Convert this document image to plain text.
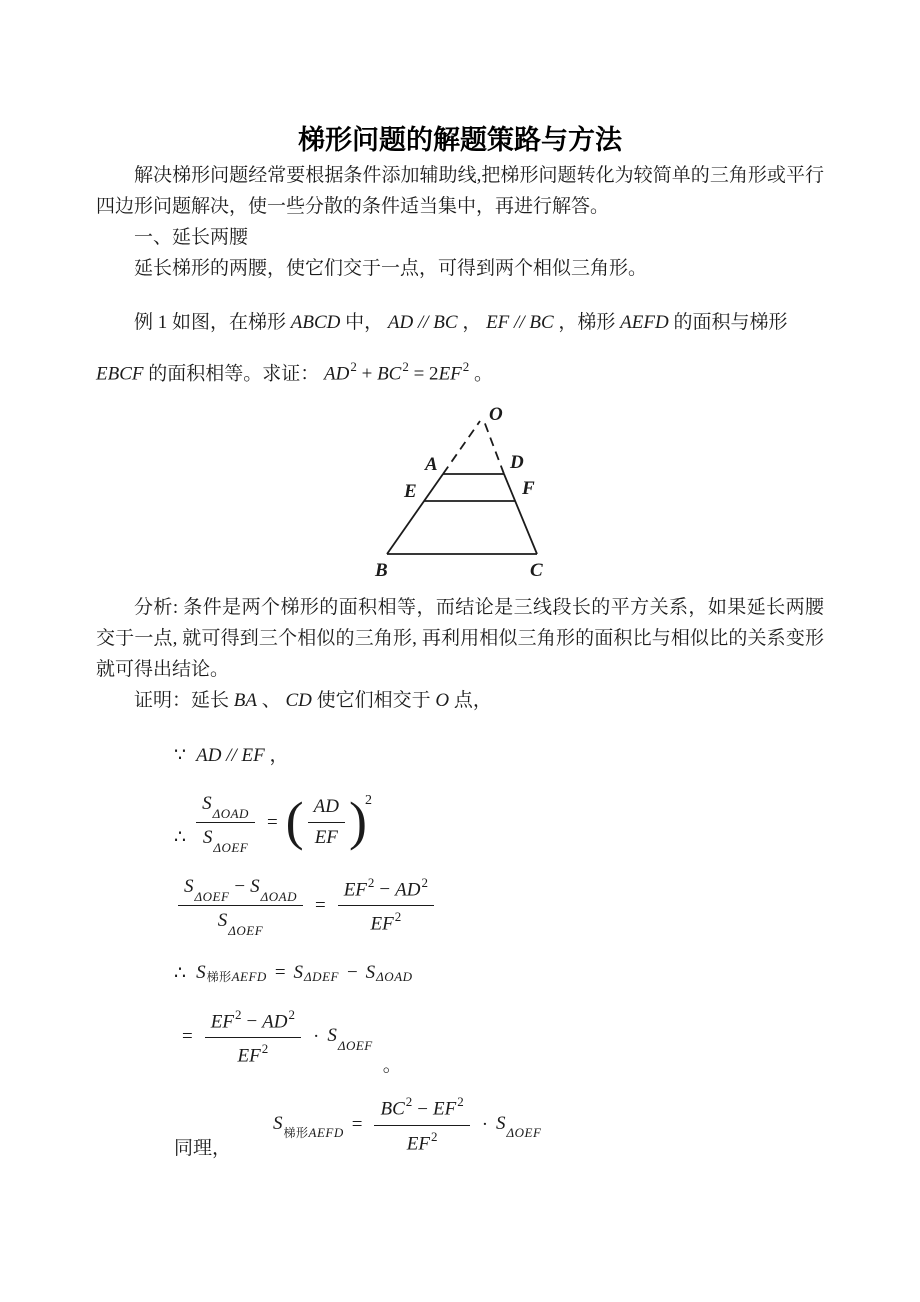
梯形问题的解题策路与方法

解决梯形问题经常要根据条件添加辅助线,把梯形问题转化为较简单的三角形或平行四边形问题解决，使一些分散的条件适当集中，再进行解答。

一、延长两腰

延长梯形的两腰，使它们交于一点，可得到两个相似三角形。

例 1 如图，在梯形 ABCD 中， AD // BC ， EF // BC ，梯形 AEFD 的面积与梯形
EBCF 的面积相等。求证： $AD^2 + BC^2 = 2EF^2$ 。
O
A	D
E	F
B	C

分析: 条件是两个梯形的面积相等，而结论是三线段长的平方关系，如果延长两腰交于一点, 就可得到三个相似的三角形, 再利用相似三角形的面积比与相似比的关系变形就可得出结论。

证明：延长 BA 、 CD 使它们相交于 O 点，

∵ AD // EF ，
∴ $\frac{S_{\Delta OAD}}{S_{\Delta OEF}}$ = ( $\frac{AD}{EF}$ )
$^2$
$\frac{S_{\Delta OEF} - S_{\Delta OAD}}{S_{\Delta OEF}} = \frac{EF^2 - AD^2}{EF^2}$
∴ S $_{梯形AEFD} = S_{\Delta DEF} - S_{\Delta OAD}$
= $\frac{EF^2 - AD^2}{EF^2} \cdot S_{\Delta OEF}$
。
同理，
$S_{梯形AEFD} = \frac{BC^2 - EF^2}{EF^2} \cdot S_{\Delta OEF}$
